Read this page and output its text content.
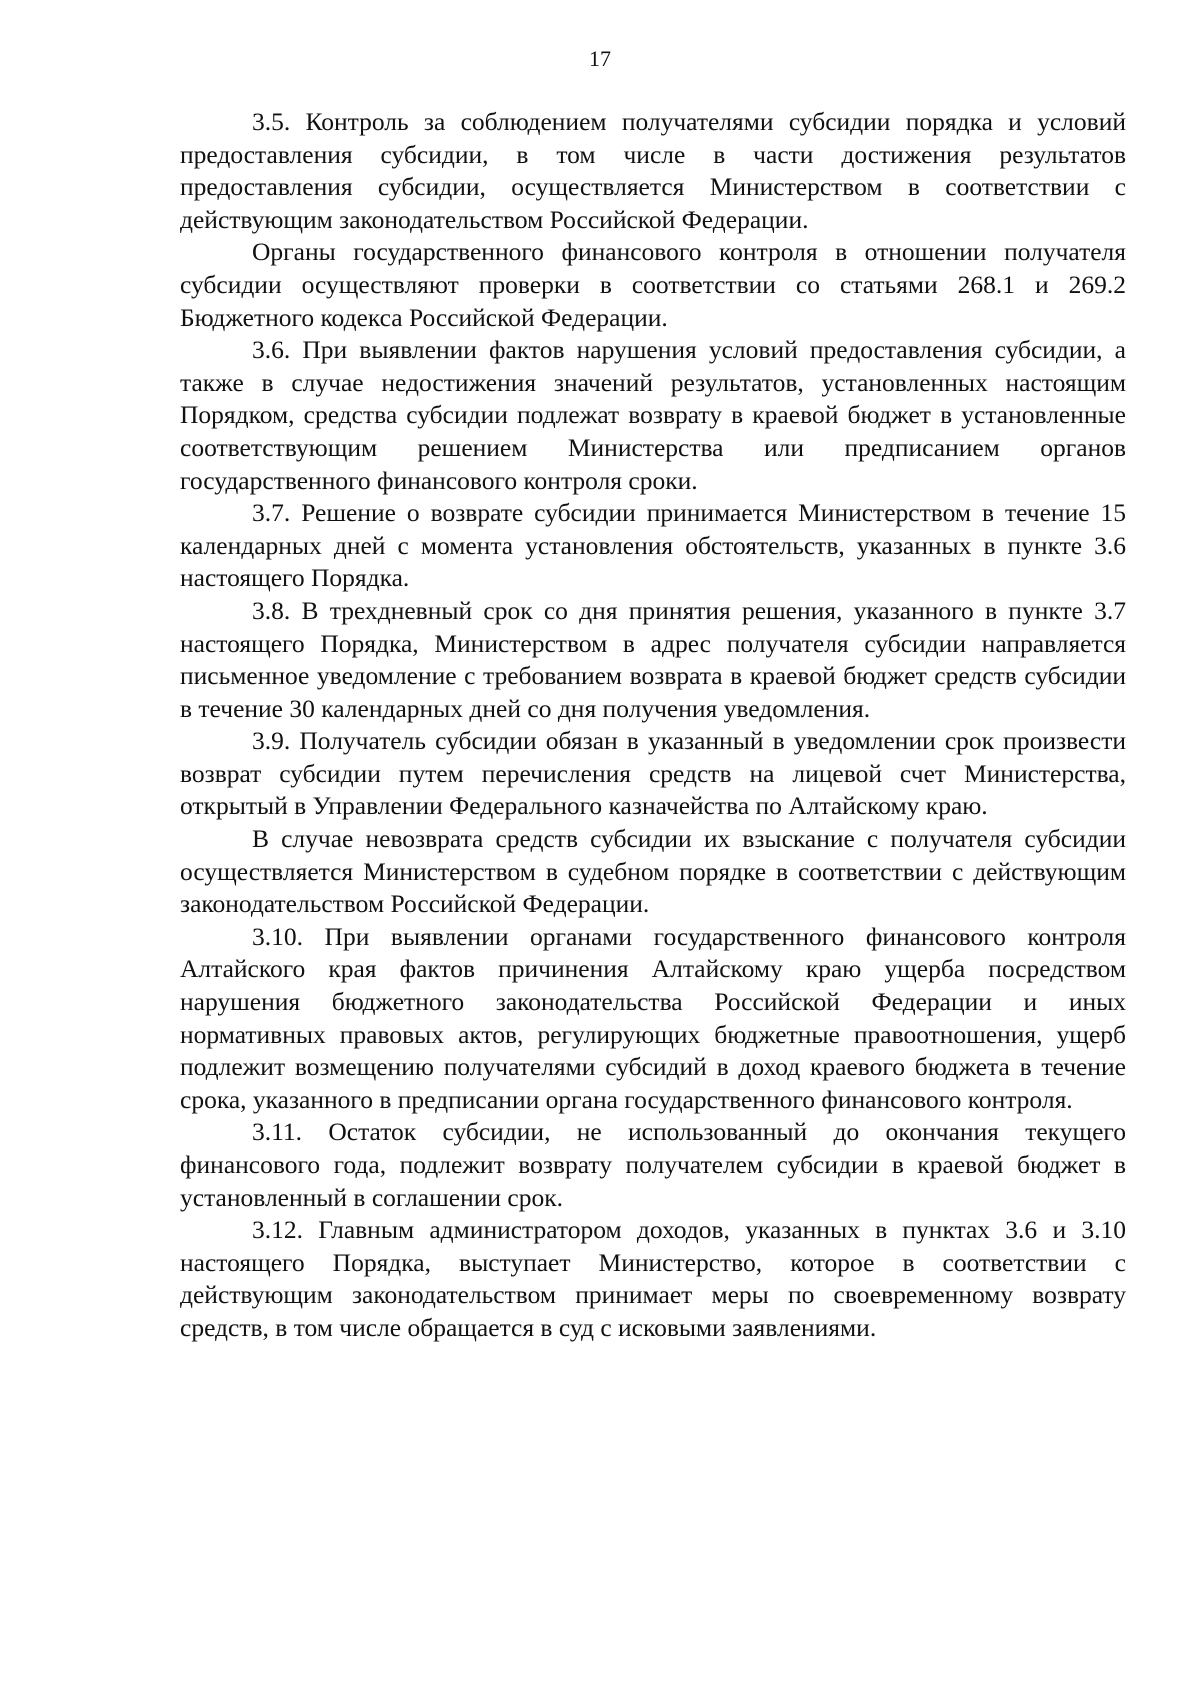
17

3.5. Контроль за соблюдением получателями субсидии порядка и условий предоставления субсидии, в том числе в части достижения результатов предоставления субсидии, осуществляется Министерством в соответствии с действующим законодательством Российской Федерации.

Органы государственного финансового контроля в отношении получателя субсидии осуществляют проверки в соответствии со статьями 268.1 и 269.2 Бюджетного кодекса Российской Федерации.

3.6. При выявлении фактов нарушения условий предоставления субсидии, а также в случае недостижения значений результатов, установленных настоящим Порядком, средства субсидии подлежат возврату в краевой бюджет в установленные соответствующим решением Министерства или предписанием органов государственного финансового контроля сроки.

3.7. Решение о возврате субсидии принимается Министерством в течение 15 календарных дней с момента установления обстоятельств, указанных в пункте 3.6 настоящего Порядка.

3.8. В трехдневный срок со дня принятия решения, указанного в пункте 3.7 настоящего Порядка, Министерством в адрес получателя субсидии направляется письменное уведомление с требованием возврата в краевой бюджет средств субсидии в течение 30 календарных дней со дня получения уведомления.

3.9. Получатель субсидии обязан в указанный в уведомлении срок произвести возврат субсидии путем перечисления средств на лицевой счет Министерства, открытый в Управлении Федерального казначейства по Алтайскому краю.

В случае невозврата средств субсидии их взыскание с получателя субсидии осуществляется Министерством в судебном порядке в соответствии с действующим законодательством Российской Федерации.

3.10. При выявлении органами государственного финансового контроля Алтайского края фактов причинения Алтайскому краю ущерба посредством нарушения бюджетного законодательства Российской Федерации и иных нормативных правовых актов, регулирующих бюджетные правоотношения, ущерб подлежит возмещению получателями субсидий в доход краевого бюджета в течение срока, указанного в предписании органа государственного финансового контроля.

3.11. Остаток субсидии, не использованный до окончания текущего финансового года, подлежит возврату получателем субсидии в краевой бюджет в установленный в соглашении срок.

3.12. Главным администратором доходов, указанных в пунктах 3.6 и 3.10 настоящего Порядка, выступает Министерство, которое в соответствии с действующим законодательством принимает меры по своевременному возврату средств, в том числе обращается в суд с исковыми заявлениями.
